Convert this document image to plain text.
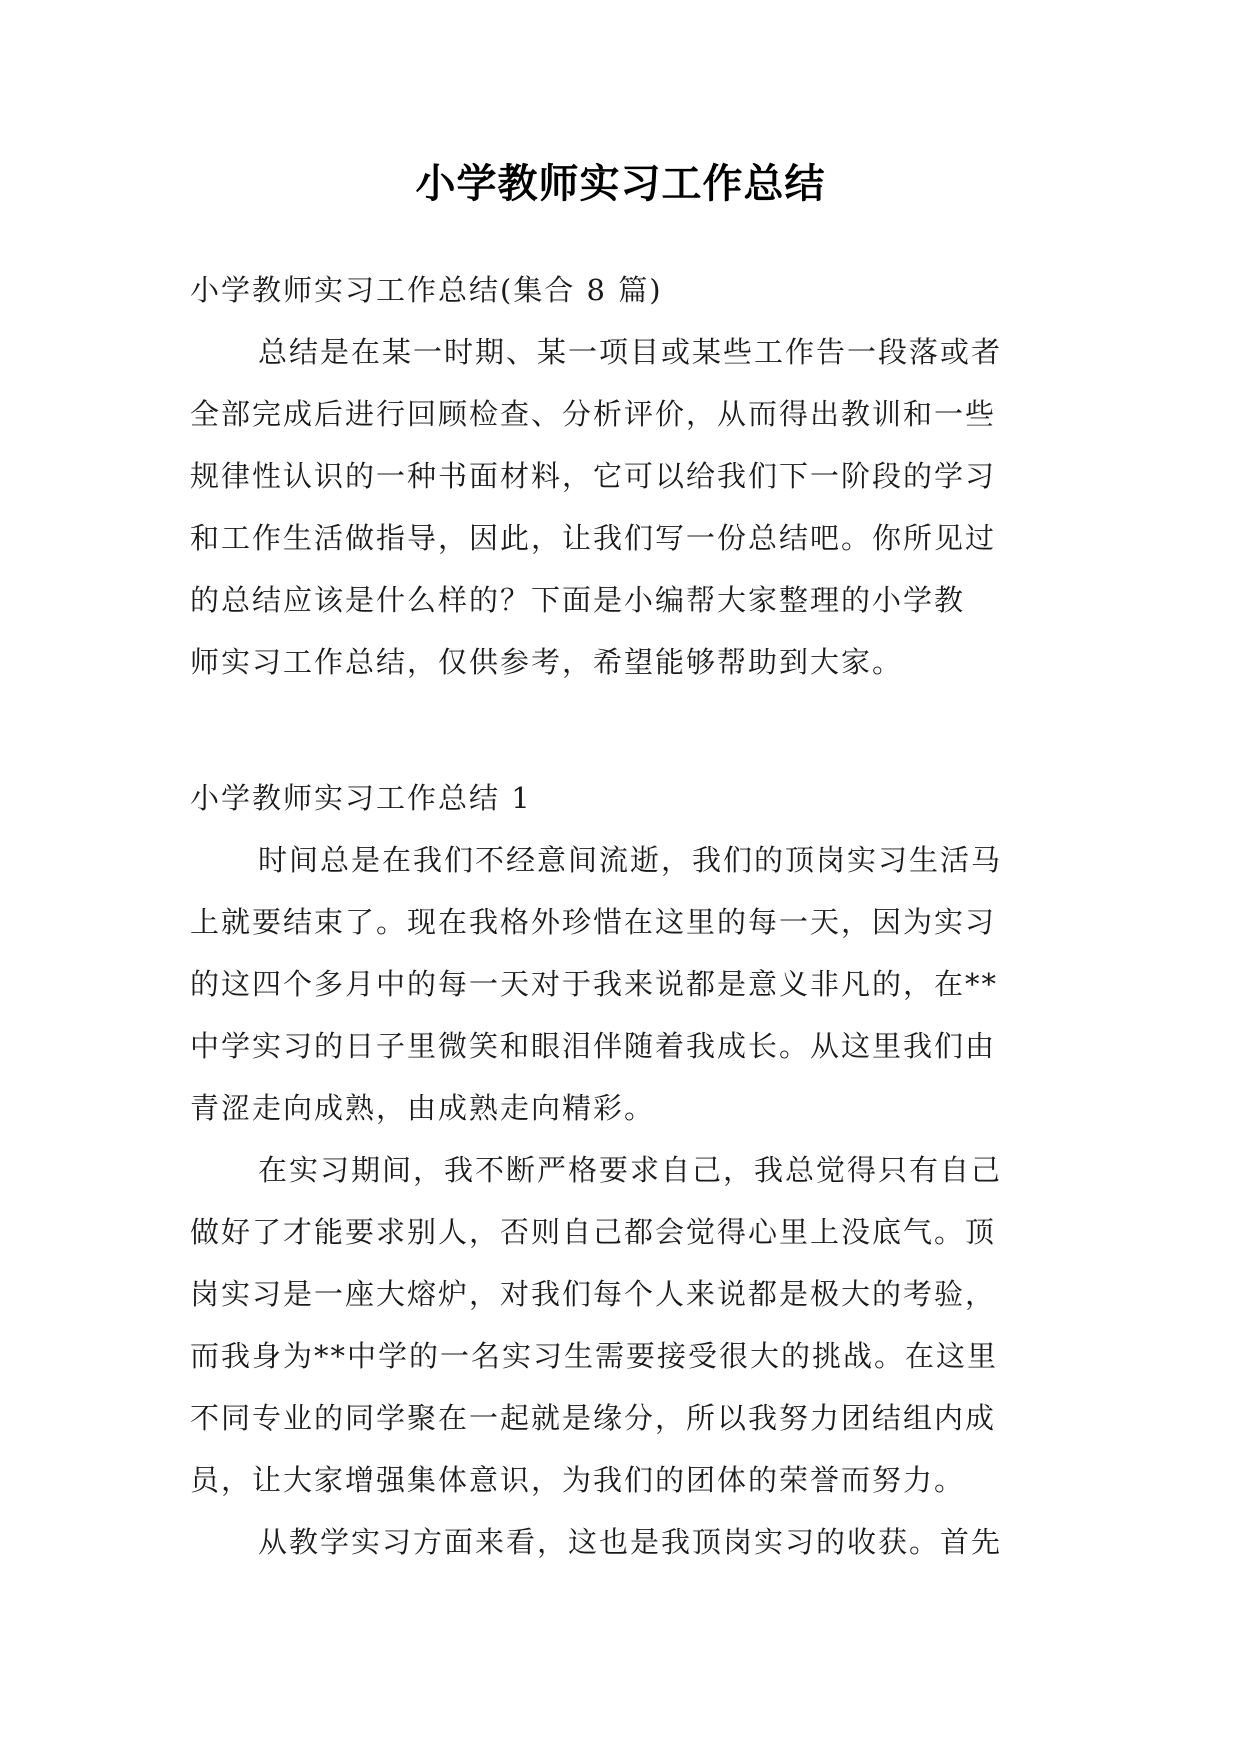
小学教师实习工作总结
小学教师实习工作总结(集合 8 篇)
总结是在某一时期、某一项目或某些工作告一段落或者
全部完成后进行回顾检查、分析评价，从而得出教训和一些
规律性认识的一种书面材料，它可以给我们下一阶段的学习
和工作生活做指导，因此，让我们写一份总结吧。你所见过
的总结应该是什么样的？下面是小编帮大家整理的小学教
师实习工作总结，仅供参考，希望能够帮助到大家。
小学教师实习工作总结 1
时间总是在我们不经意间流逝，我们的顶岗实习生活马
上就要结束了。现在我格外珍惜在这里的每一天，因为实习
的这四个多月中的每一天对于我来说都是意义非凡的，在**
中学实习的日子里微笑和眼泪伴随着我成长。从这里我们由
青涩走向成熟，由成熟走向精彩。
在实习期间，我不断严格要求自己，我总觉得只有自己
做好了才能要求别人，否则自己都会觉得心里上没底气。顶
岗实习是一座大熔炉，对我们每个人来说都是极大的考验，
而我身为**中学的一名实习生需要接受很大的挑战。在这里
不同专业的同学聚在一起就是缘分，所以我努力团结组内成
员，让大家增强集体意识，为我们的团体的荣誉而努力。
从教学实习方面来看，这也是我顶岗实习的收获。首先
